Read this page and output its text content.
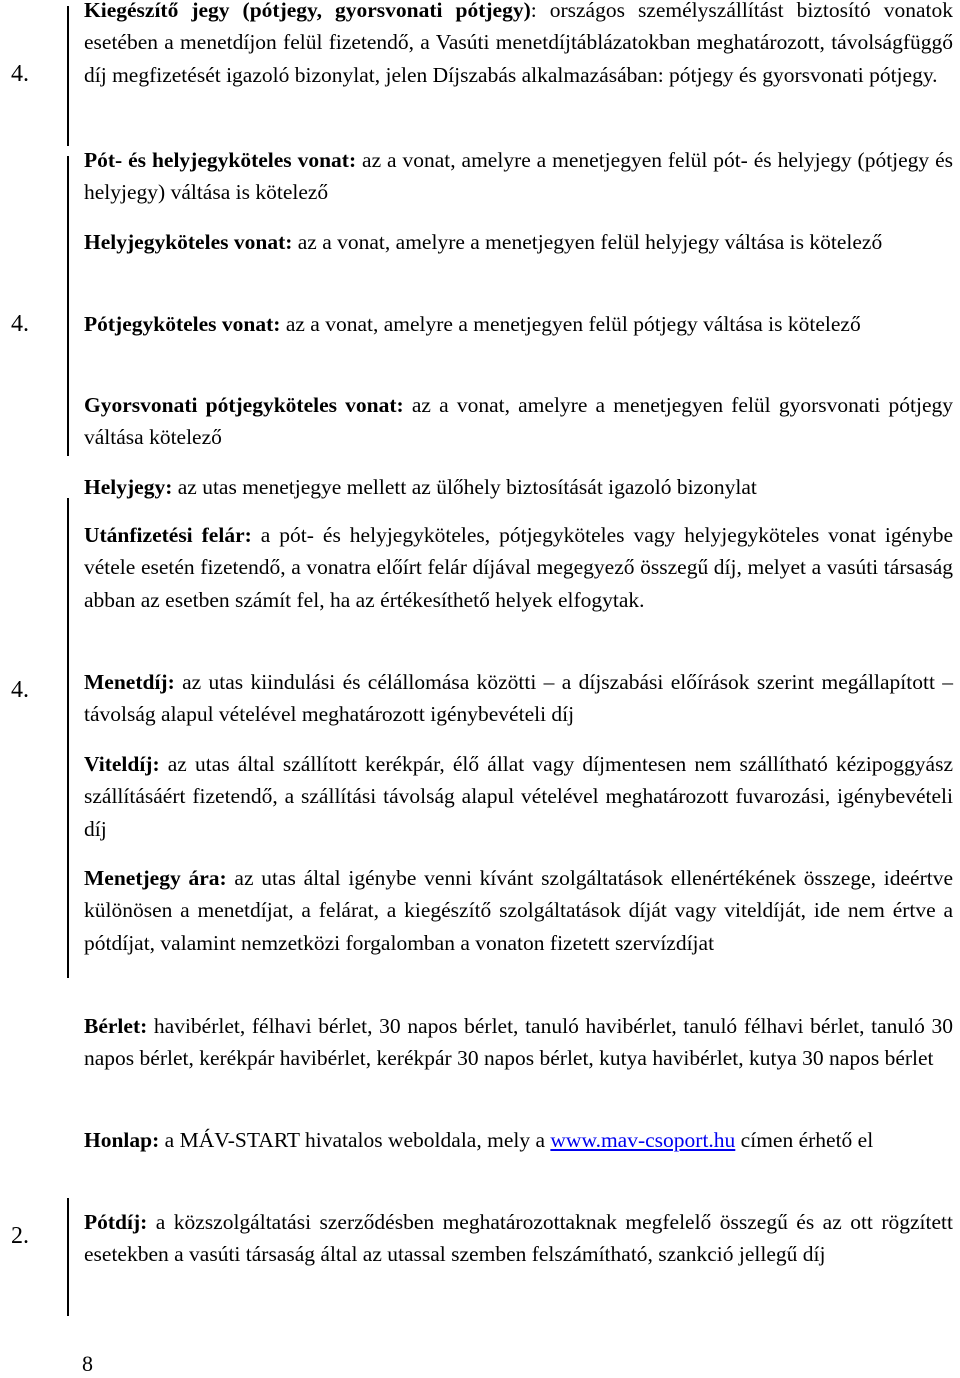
4.
4.
4.
2.

Kiegészítő jegy (pótjegy, gyorsvonati pótjegy): országos személyszállítást biztosító vonatok esetében a menetdíjon felül fizetendő, a Vasúti menetdíjtáblázatokban meghatározott, távolságfüggő díj megfizetését igazoló bizonylat, jelen Díjszabás alkalmazásában: pótjegy és gyorsvonati pótjegy.

Pót- és helyjegyköteles vonat: az a vonat, amelyre a menetjegyen felül pót- és helyjegy (pótjegy és helyjegy) váltása is kötelező

Helyjegyköteles vonat: az a vonat, amelyre a menetjegyen felül helyjegy váltása is kötelező

Pótjegyköteles vonat: az a vonat, amelyre a menetjegyen felül pótjegy váltása is kötelező

Gyorsvonati pótjegyköteles vonat: az a vonat, amelyre a menetjegyen felül gyorsvonati pótjegy váltása kötelező

Helyjegy: az utas menetjegye mellett az ülőhely biztosítását igazoló bizonylat

Utánfizetési felár: a pót- és helyjegyköteles, pótjegyköteles vagy helyjegyköteles vonat igénybe vétele esetén fizetendő, a vonatra előírt felár díjával megegyező összegű díj, melyet a vasúti társaság abban az esetben számít fel, ha az értékesíthető helyek elfogytak.

Menetdíj: az utas kiindulási és célállomása közötti – a díjszabási előírások szerint megállapított – távolság alapul vételével meghatározott igénybevételi díj

Viteldíj: az utas által szállított kerékpár, élő állat vagy díjmentesen nem szállítható kézipoggyász szállításáért fizetendő, a szállítási távolság alapul vételével meghatározott fuvarozási, igénybevételi díj

Menetjegy ára: az utas által igénybe venni kívánt szolgáltatások ellenértékének összege, ideértve különösen a menetdíjat, a felárat, a kiegészítő szolgáltatások díját vagy viteldíját, ide nem értve a pótdíjat, valamint nemzetközi forgalomban a vonaton fizetett szervízdíjat

Bérlet: havibérlet, félhavi bérlet, 30 napos bérlet, tanuló havibérlet, tanuló félhavi bérlet, tanuló 30 napos bérlet, kerékpár havibérlet, kerékpár 30 napos bérlet, kutya havibérlet, kutya 30 napos bérlet

Honlap: a MÁV-START hivatalos weboldala, mely a www.mav-csoport.hu címen érhető el

Pótdíj: a közszolgáltatási szerződésben meghatározottaknak megfelelő összegű és az ott rögzített esetekben a vasúti társaság által az utassal szemben felszámítható, szankció jellegű díj

8
